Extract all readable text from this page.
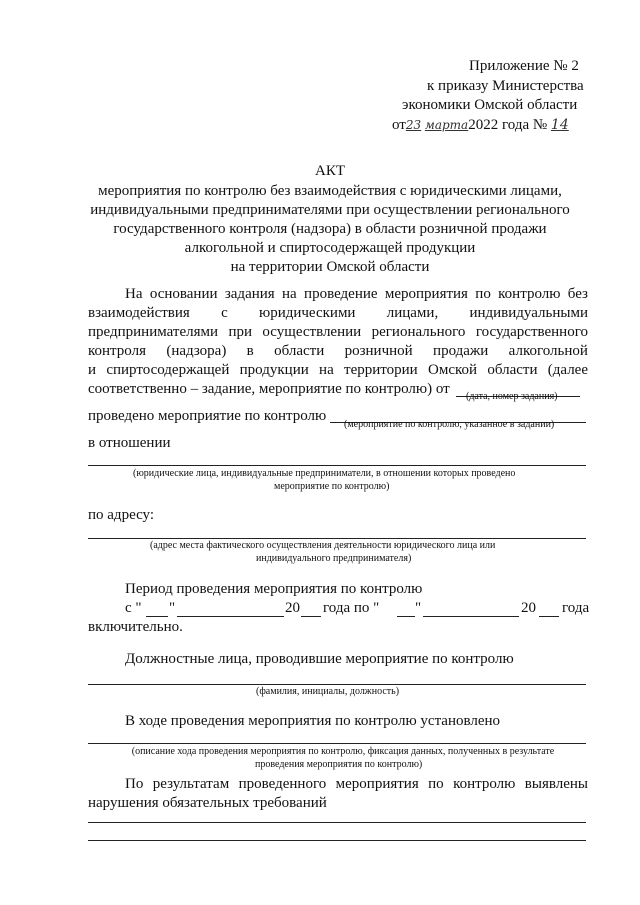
Приложение № 2
к приказу Министерства
экономики Омской области
от23 марта2022 года № 14
АКТ
мероприятия по контролю без взаимодействия с юридическими лицами,
индивидуальными предпринимателями при осуществлении регионального
государственного контроля (надзора) в области розничной продажи
алкогольной и спиртосодержащей продукции
на территории Омской области
На основании задания на проведение мероприятия по контролю без
взаимодействия с юридическими лицами, индивидуальными
предпринимателями при осуществлении регионального государственного
контроля (надзора) в области розничной продажи алкогольной
и спиртосодержащей продукции на территории Омской области (далее
соответственно – задание, мероприятие по контролю) от (дата, номер задания)
проведено мероприятие по контролю
(мероприятие по контролю, указанное в задании)
в отношении
(юридические лица, индивидуальные предприниматели, в отношении которых проведено
мероприятие по контролю)
по адресу:
(адрес места фактического осуществления деятельности юридического лица или
индивидуального предпринимателя)
Период проведения мероприятия по контролю
с " "	20 года по " "	20 года
включительно.
Должностные лица, проводившие мероприятие по контролю
(фамилия, инициалы, должность)
В ходе проведения мероприятия по контролю установлено
(описание хода проведения мероприятия по контролю, фиксация данных, полученных в результате
проведения мероприятия по контролю)
По результатам проведенного мероприятия по контролю выявлены
нарушения обязательных требований
